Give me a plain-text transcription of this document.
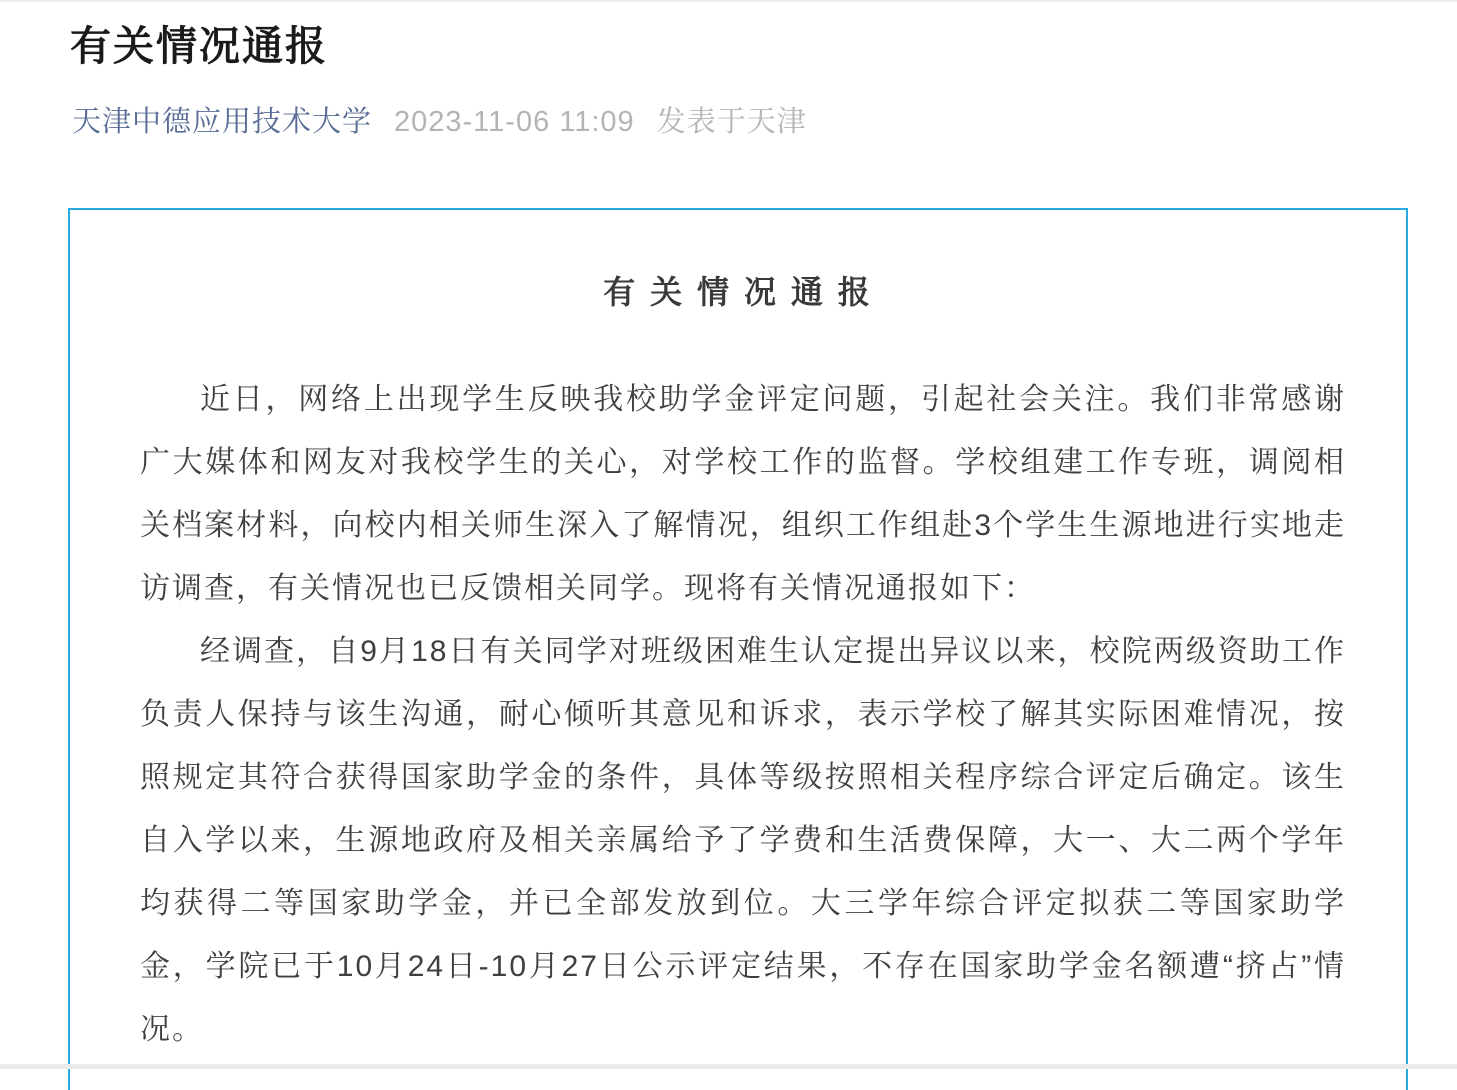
有关情况通报
天津中德应用技术大学 2023-11-06 11:09 发表于天津
有 关 情 况 通 报

近日，网络上出现学生反映我校助学金评定问题，引起社会关注。我们非常感谢广大媒体和网友对我校学生的关心，对学校工作的监督。学校组建工作专班，调阅相关档案材料，向校内相关师生深入了解情况，组织工作组赴3个学生生源地进行实地走访调查，有关情况也已反馈相关同学。现将有关情况通报如下：

经调查，自9月18日有关同学对班级困难生认定提出异议以来，校院两级资助工作负责人保持与该生沟通，耐心倾听其意见和诉求，表示学校了解其实际困难情况，按照规定其符合获得国家助学金的条件，具体等级按照相关程序综合评定后确定。该生自入学以来，生源地政府及相关亲属给予了学费和生活费保障，大一、大二两个学年均获得二等国家助学金，并已全部发放到位。大三学年综合评定拟获二等国家助学金，学院已于10月24日-10月27日公示评定结果，不存在国家助学金名额遭“挤占”情况。
